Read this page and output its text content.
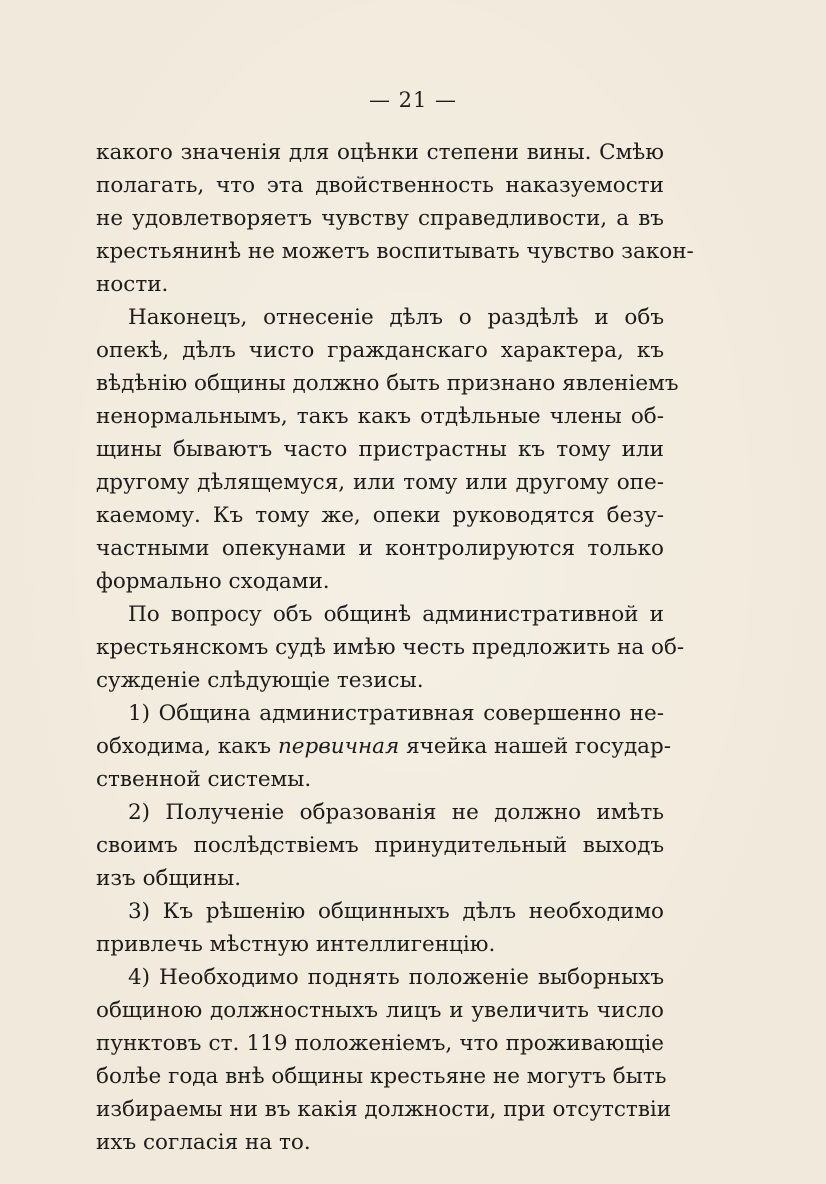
— 21 —
какого значенія для оцѣнки степени вины. Смѣю
полагать, что эта двойственность наказуемости
не удовлетворяетъ чувству справедливости, а въ
крестьянинѣ не можетъ воспитывать чувство закон-
ности.
Наконецъ, отнесеніе дѣлъ о раздѣлѣ и объ
опекѣ, дѣлъ чисто гражданскаго характера, къ
вѣдѣнію общины должно быть признано явленіемъ
ненормальнымъ, такъ какъ отдѣльные члены об-
щины бываютъ часто пристрастны къ тому или
другому дѣлящемуся, или тому или другому опе-
каемому. Къ тому же, опеки руководятся безу-
частными опекунами и контролируются только
формально сходами.
По вопросу объ общинѣ административной и
крестьянскомъ судѣ имѣю честь предложить на об-
сужденіе слѣдующіе тезисы.
1) Община административная совершенно не-
обходима, какъ первичная ячейка нашей государ-
ственной системы.
2) Полученіе образованія не должно имѣть
своимъ послѣдствіемъ принудительный выходъ
изъ общины.
3) Къ рѣшенію общинныхъ дѣлъ необходимо
привлечь мѣстную интеллигенцію.
4) Необходимо поднять положеніе выборныхъ
общиною должностныхъ лицъ и увеличить число
пунктовъ ст. 119 положеніемъ, что проживающіе
болѣе года внѣ общины крестьяне не могутъ быть
избираемы ни въ какія должности, при отсутствіи
ихъ согласія на то.
